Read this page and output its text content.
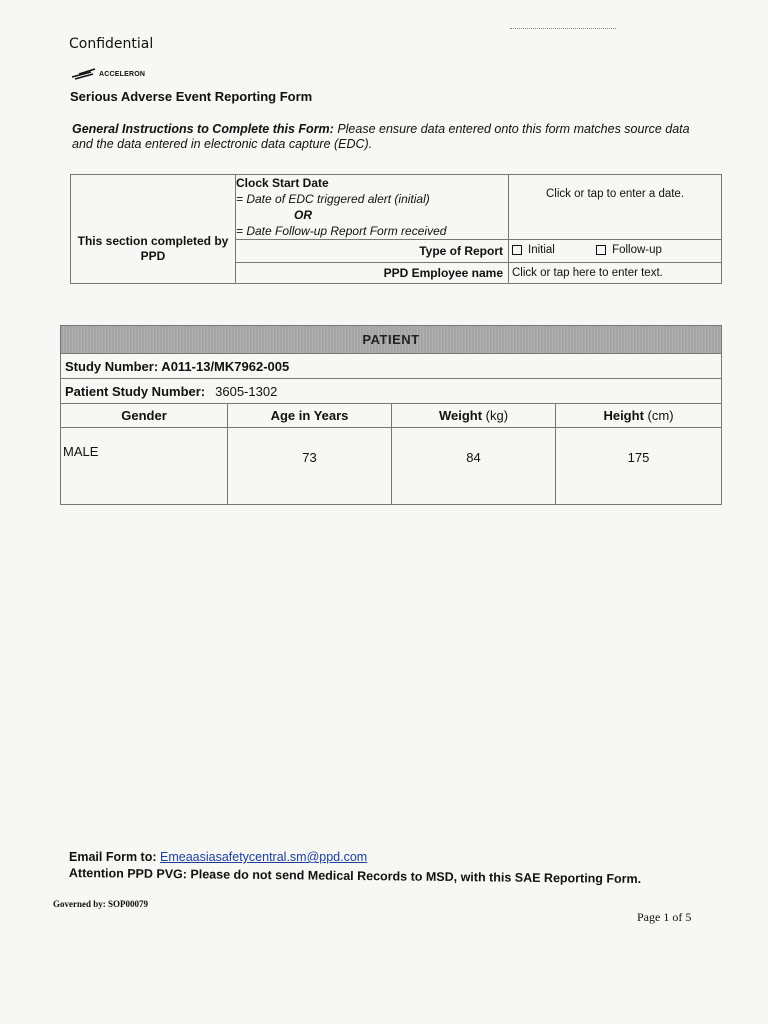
Confidential
ACCELERON
Serious Adverse Event Reporting Form
General Instructions to Complete this Form: Please ensure data entered onto this form matches source data and the data entered in electronic data capture (EDC).
This section completed by PPD	Clock Start Date
= Date of EDC triggered alert (initial)
OR
= Date Follow-up Report Form received	Click or tap to enter a date.
	Type of Report	Initial
Follow-up

	PPD Employee name	Click or tap here to enter text.
PATIENT			
Study Number: A011-13/MK7962-005			
Patient Study Number: 3605-1302			
Gender	Age in Years	Weight (kg)	Height (cm)
MALE	73	84	175
Email Form to: Emeaasiasafetycentral.sm@ppd.com
Attention PPD PVG: Please do not send Medical Records to MSD, with this SAE Reporting Form.
Governed by: SOP00079
Page 1 of 5
